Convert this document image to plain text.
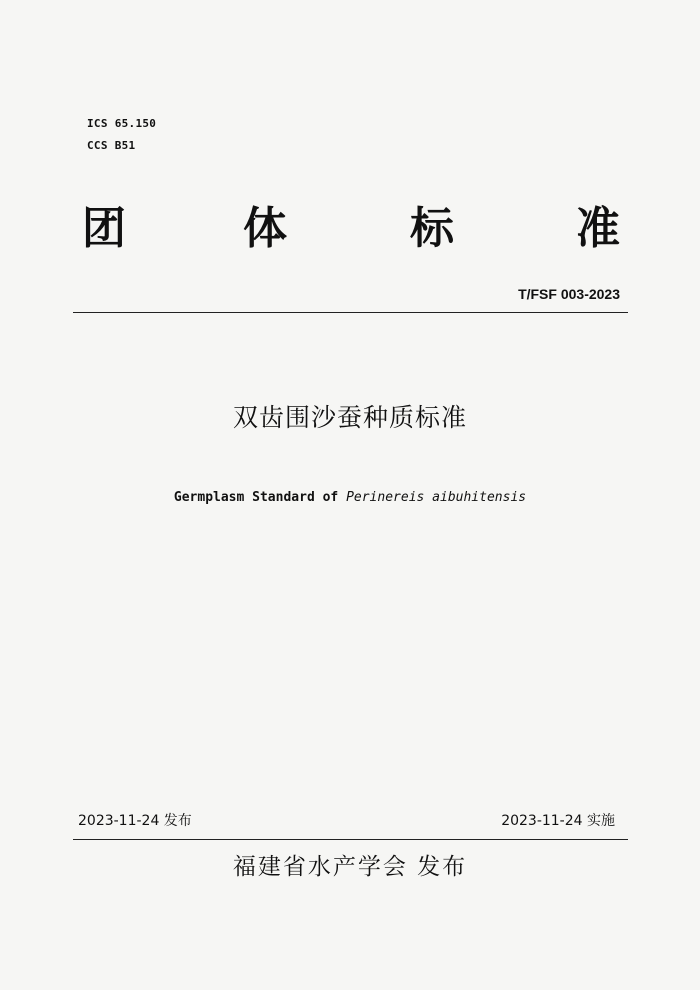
ICS 65.150
CCS B51
团	体	标	准
T/FSF 003-2023
双齿围沙蚕种质标准
Germplasm Standard of Perinereis aibuhitensis
2023-11-24 发布	2023-11-24 实施
福建省水产学会 发布
